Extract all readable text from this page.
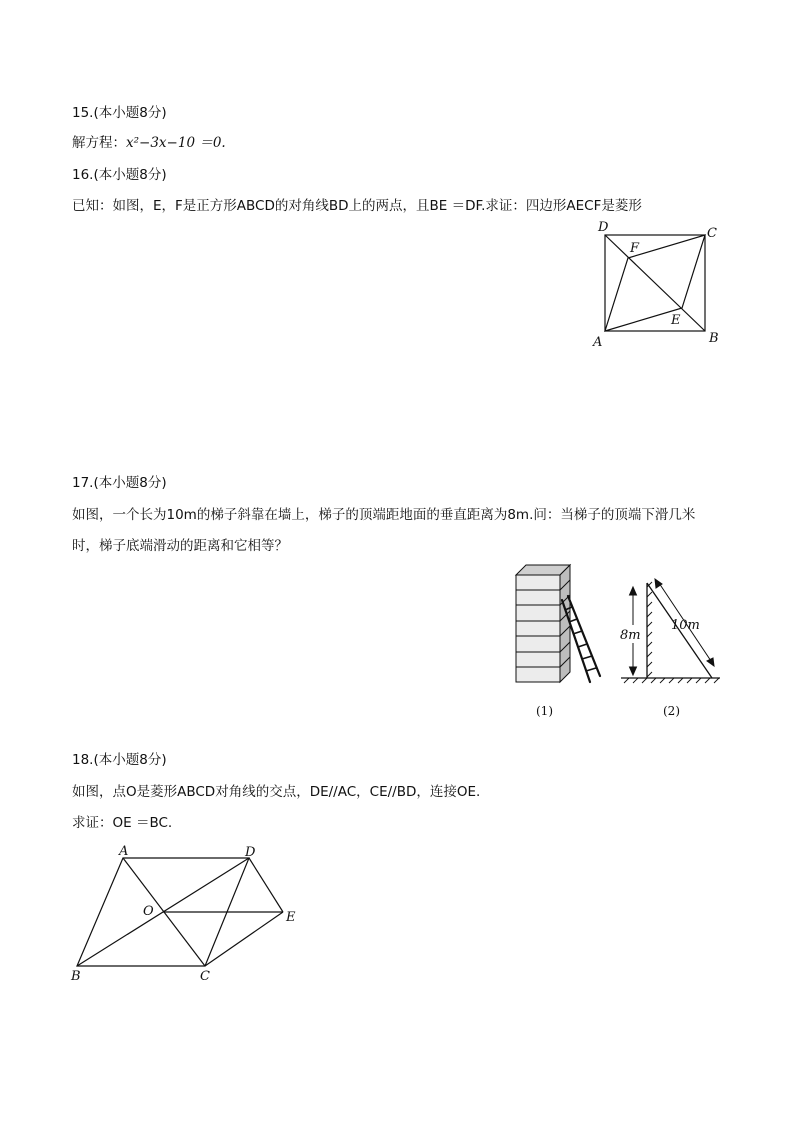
15.(本小题8分)
解方程：x²−3x−10 ＝0.
16.(本小题8分)
已知：如图，E，F是正方形ABCD的对角线BD上的两点，且BE ＝DF.求证：四边形AECF是菱形
D	C
A	B
F
E
17.(本小题8分)
如图，一个长为10m的梯子斜靠在墙上，梯子的顶端距地面的垂直距离为8m.问：当梯子的顶端下滑几米
时，梯子底端滑动的距离和它相等？
(1)
8m
10m
(2)
18.(本小题8分)
如图，点O是菱形ABCD对角线的交点，DE//AC，CE//BD，连接OE.
求证：OE ＝BC.
A	D
O	E
B	C
